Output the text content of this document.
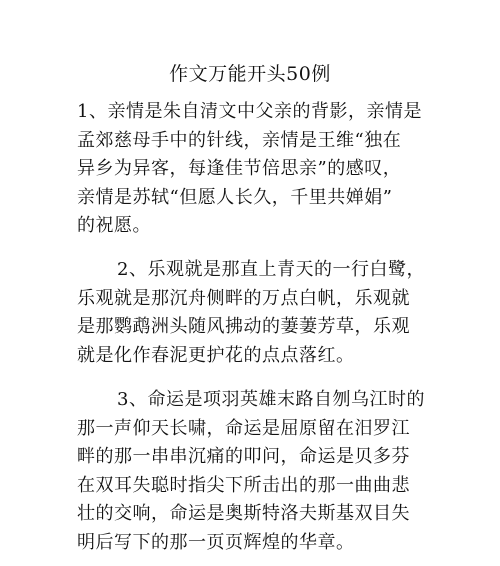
作文万能开头50例
1、亲情是朱自清文中父亲的背影，亲情是
孟郊慈母手中的针线，亲情是王维“独在
异乡为异客，每逢佳节倍思亲”的感叹，
亲情是苏轼“但愿人长久，千里共婵娟”
的祝愿。
2、乐观就是那直上青天的一行白鹭，
乐观就是那沉舟侧畔的万点白帆，乐观就
是那鹦鹉洲头随风拂动的萋萋芳草，乐观
就是化作春泥更护花的点点落红。
3、命运是项羽英雄末路自刎乌江时的
那一声仰天长啸，命运是屈原留在汨罗江
畔的那一串串沉痛的叩问，命运是贝多芬
在双耳失聪时指尖下所击出的那一曲曲悲
壮的交响，命运是奥斯特洛夫斯基双目失
明后写下的那一页页辉煌的华章。
